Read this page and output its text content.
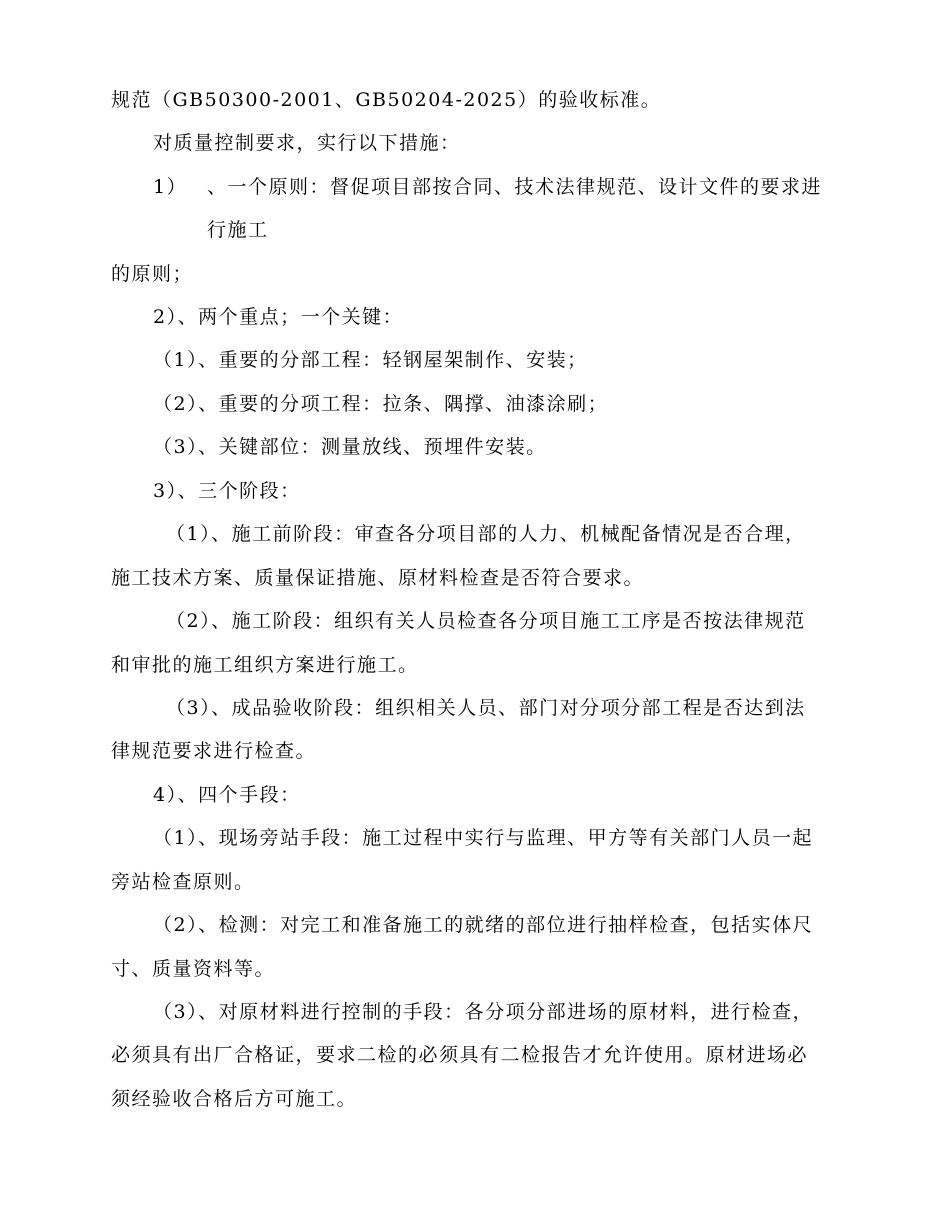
规范（GB50300-2001、GB50204-2025）的验收标准。
对质量控制要求，实行以下措施：
1） 、一个原则：督促项目部按合同、技术法律规范、设计文件的要求进
行施工
的原则；
2）、两个重点；一个关键：
（1）、重要的分部工程：轻钢屋架制作、安装；
（2）、重要的分项工程：拉条、隅撑、油漆涂刷；
（3）、关键部位：测量放线、预埋件安装。
3）、三个阶段：
（1）、施工前阶段：审查各分项目部的人力、机械配备情况是否合理，
施工技术方案、质量保证措施、原材料检查是否符合要求。
（2）、施工阶段：组织有关人员检查各分项目施工工序是否按法律规范
和审批的施工组织方案进行施工。
（3）、成品验收阶段：组织相关人员、部门对分项分部工程是否达到法
律规范要求进行检查。
4）、四个手段：
（1）、现场旁站手段：施工过程中实行与监理、甲方等有关部门人员一起
旁站检查原则。
（2）、检测：对完工和准备施工的就绪的部位进行抽样检查，包括实体尺
寸、质量资料等。
（3）、对原材料进行控制的手段：各分项分部进场的原材料，进行检查，
必须具有出厂合格证，要求二检的必须具有二检报告才允许使用。原材进场必
须经验收合格后方可施工。
